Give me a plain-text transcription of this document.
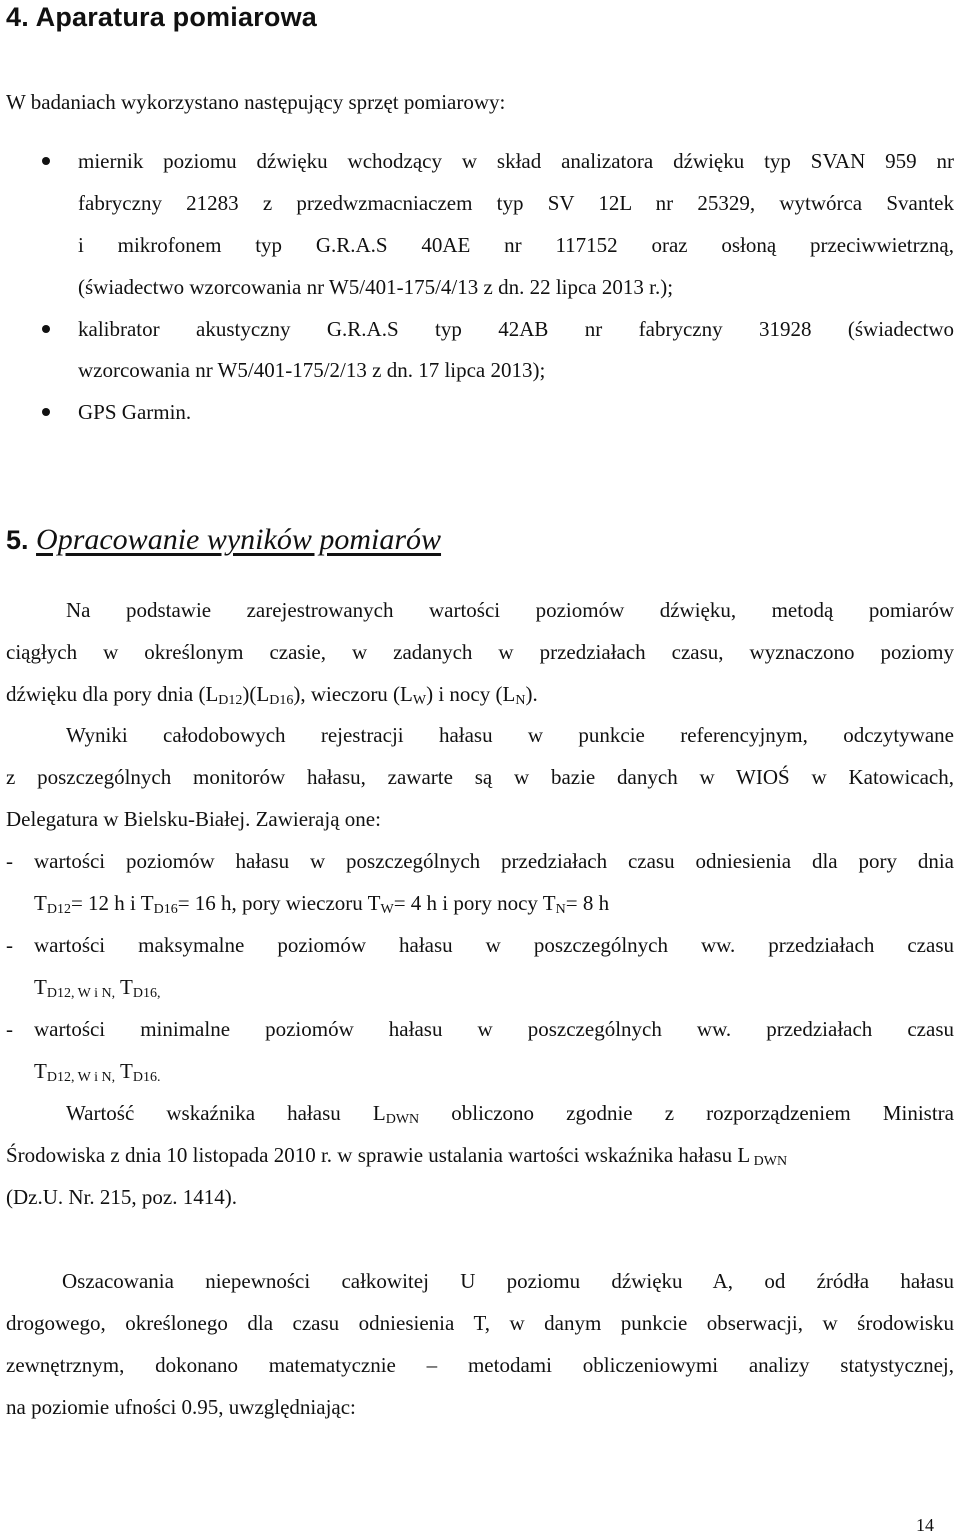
4. Aparatura pomiarowa
W badaniach wykorzystano następujący sprzęt pomiarowy:
miernik poziomu dźwięku wchodzący w skład analizatora dźwięku typ SVAN 959 nr
fabryczny 21283 z przedwzmacniaczem typ SV 12L nr 25329, wytwórca Svantek
i mikrofonem typ G.R.A.S 40AE nr 117152 oraz osłoną przeciwwietrzną,
(świadectwo wzorcowania nr W5/401-175/4/13 z dn. 22 lipca 2013 r.);
kalibrator akustyczny G.R.A.S typ 42AB nr fabryczny 31928 (świadectwo
wzorcowania nr W5/401-175/2/13 z dn. 17 lipca 2013);
GPS Garmin.
5. Opracowanie wyników pomiarów
Na podstawie zarejestrowanych wartości poziomów dźwięku, metodą pomiarów
ciągłych w określonym czasie, w zadanych w przedziałach czasu, wyznaczono poziomy
dźwięku dla pory dnia $(L_{D12})(L_{D16})$, wieczoru $(L_W)$ i nocy $(L_N)$.
Wyniki całodobowych rejestracji hałasu w punkcie referencyjnym, odczytywane
z poszczególnych monitorów hałasu, zawarte są w bazie danych w WIOŚ w Katowicach,
Delegatura w Bielsku-Białej. Zawierają one:
- wartości poziomów hałasu w poszczególnych przedziałach czasu odniesienia dla pory dnia
$T_{D12}= 12$ h i $T_{D16}= 16$ h, pory wieczoru $T_W= 4$ h i pory nocy $T_N= 8$ h
- wartości maksymalne poziomów hałasu w poszczególnych ww. przedziałach czasu
$T_{D12, W i N,}$ $T_{D16,}$
- wartości minimalne poziomów hałasu w poszczególnych ww. przedziałach czasu
$T_{D12, W i N,}$ $T_{D16.}$
Wartość wskaźnika hałasu $L_{DWN}$ obliczono zgodnie z rozporządzeniem Ministra
Środowiska z dnia 10 listopada 2010 r. w sprawie ustalania wartości wskaźnika hałasu L $_{DWN}$
(Dz.U. Nr. 215, poz. 1414).
Oszacowania niepewności całkowitej U poziomu dźwięku A, od źródła hałasu
drogowego, określonego dla czasu odniesienia T, w danym punkcie obserwacji, w środowisku
zewnętrznym, dokonano matematycznie – metodami obliczeniowymi analizy statystycznej,
na poziomie ufności 0.95, uwzględniając:
14
